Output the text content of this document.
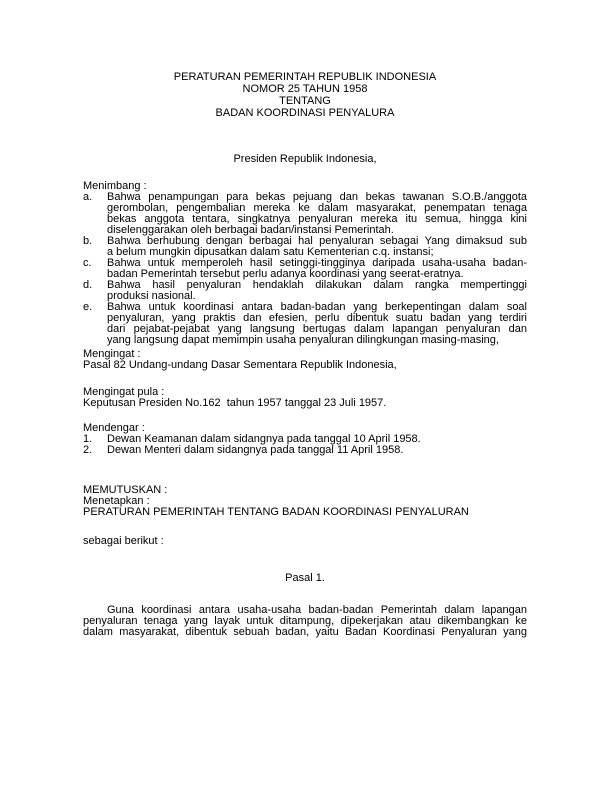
PERATURAN PEMERINTAH REPUBLIK INDONESIA
NOMOR 25 TAHUN 1958
TENTANG
BADAN KOORDINASI PENYALURA
Presiden Republik Indonesia,
Menimbang :
a. Bahwa penampungan para bekas pejuang dan bekas tawanan S.O.B./anggota
gerombolan, pengembalian mereka ke dalam masyarakat, penempatan tenaga
bekas anggota tentara, singkatnya penyaluran mereka itu semua, hingga kini
diselenggarakan oleh berbagai badan/instansi Pemerintah.
b. Bahwa berhubung dengan berbagai hal penyaluran sebagai Yang dimaksud sub
a belum mungkin dipusatkan dalam satu Kementerian c.q. instansi;
c. Bahwa untuk memperoleh hasil setinggi-tingginya daripada usaha-usaha badan-
badan Pemerintah tersebut perlu adanya koordinasi yang seerat-eratnya.
d. Bahwa hasil penyaluran hendaklah dilakukan dalam rangka mempertinggi
produksi nasional.
e. Bahwa untuk koordinasi antara badan-badan yang berkepentingan dalam soal
penyaluran, yang praktis dan efesien, perlu dibentuk suatu badan yang terdiri
dari pejabat-pejabat yang langsung bertugas dalam lapangan penyaluran dan
yang langsung dapat memimpin usaha penyaluran dilingkungan masing-masing,
Mengingat :
Pasal 82 Undang-undang Dasar Sementara Republik Indonesia,
Mengingat pula :
Keputusan Presiden No.162  tahun 1957 tanggal 23 Juli 1957.
Mendengar :
1. Dewan Keamanan dalam sidangnya pada tanggal 10 April 1958.
2. Dewan Menteri dalam sidangnya pada tanggal 11 April 1958.
MEMUTUSKAN :
Menetapkan :
PERATURAN PEMERINTAH TENTANG BADAN KOORDINASI PENYALURAN
sebagai berikut :
Pasal 1.
Guna koordinasi antara usaha-usaha badan-badan Pemerintah dalam lapangan
penyaluran tenaga yang layak untuk ditampung, dipekerjakan atau dikembangkan ke
dalam masyarakat, dibentuk sebuah badan, yaitu Badan Koordinasi Penyaluran yang
